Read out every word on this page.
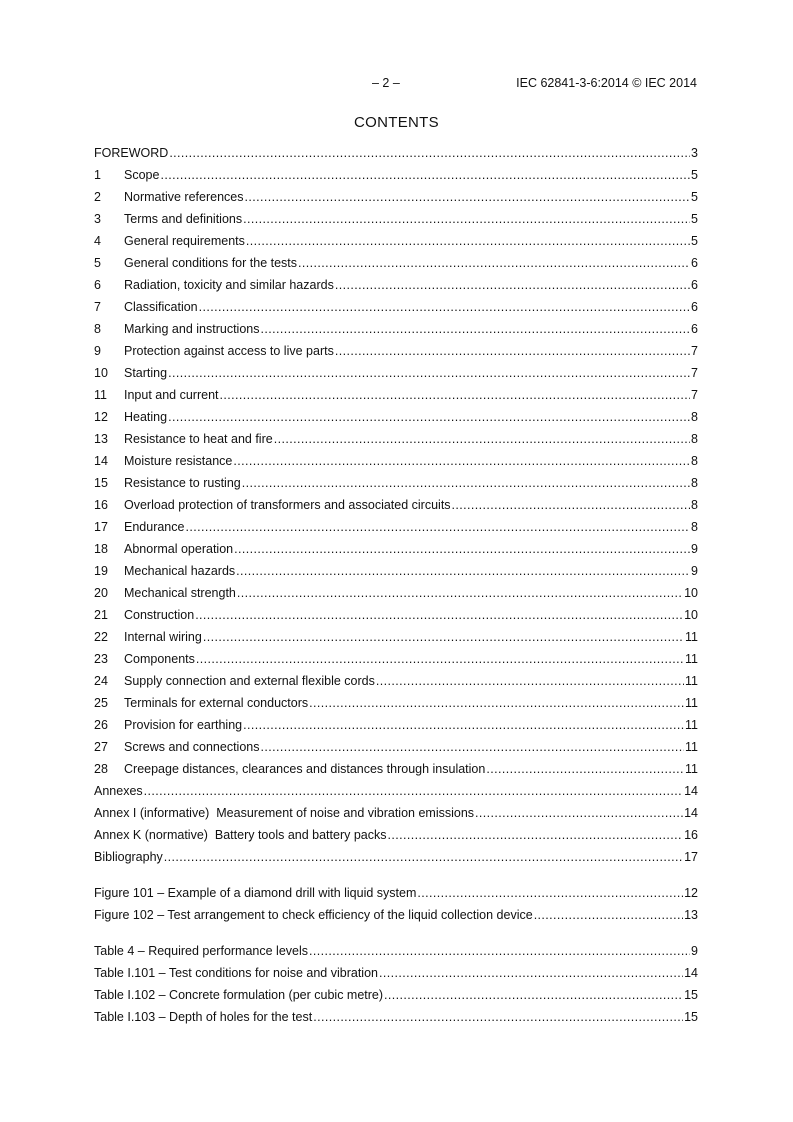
– 2 –	IEC 62841-3-6:2014 © IEC 2014
CONTENTS
FOREWORD .....	3
1	Scope .....	5
2	Normative references .....	5
3	Terms and definitions .....	5
4	General requirements .....	5
5	General conditions for the tests .....	6
6	Radiation, toxicity and similar hazards .....	6
7	Classification .....	6
8	Marking and instructions .....	6
9	Protection against access to live parts .....	7
10	Starting .....	7
11	Input and current .....	7
12	Heating .....	8
13	Resistance to heat and fire .....	8
14	Moisture resistance .....	8
15	Resistance to rusting .....	8
16	Overload protection of transformers and associated circuits .....	8
17	Endurance .....	8
18	Abnormal operation .....	9
19	Mechanical hazards .....	9
20	Mechanical strength .....	10
21	Construction .....	10
22	Internal wiring .....	11
23	Components .....	11
24	Supply connection and external flexible cords .....	11
25	Terminals for external conductors .....	11
26	Provision for earthing .....	11
27	Screws and connections .....	11
28	Creepage distances, clearances and distances through insulation .....	11
Annexes .....	14
Annex I (informative)  Measurement of noise and vibration emissions .....	14
Annex K (normative)  Battery tools and battery packs .....	16
Bibliography .....	17
Figure 101 – Example of a diamond drill with liquid system .....	12
Figure 102 – Test arrangement to check efficiency of the liquid collection device .....	13
Table 4 – Required performance levels .....	9
Table I.101 – Test conditions for noise and vibration .....	14
Table I.102 – Concrete formulation (per cubic metre) .....	15
Table I.103 – Depth of holes for the test .....	15
